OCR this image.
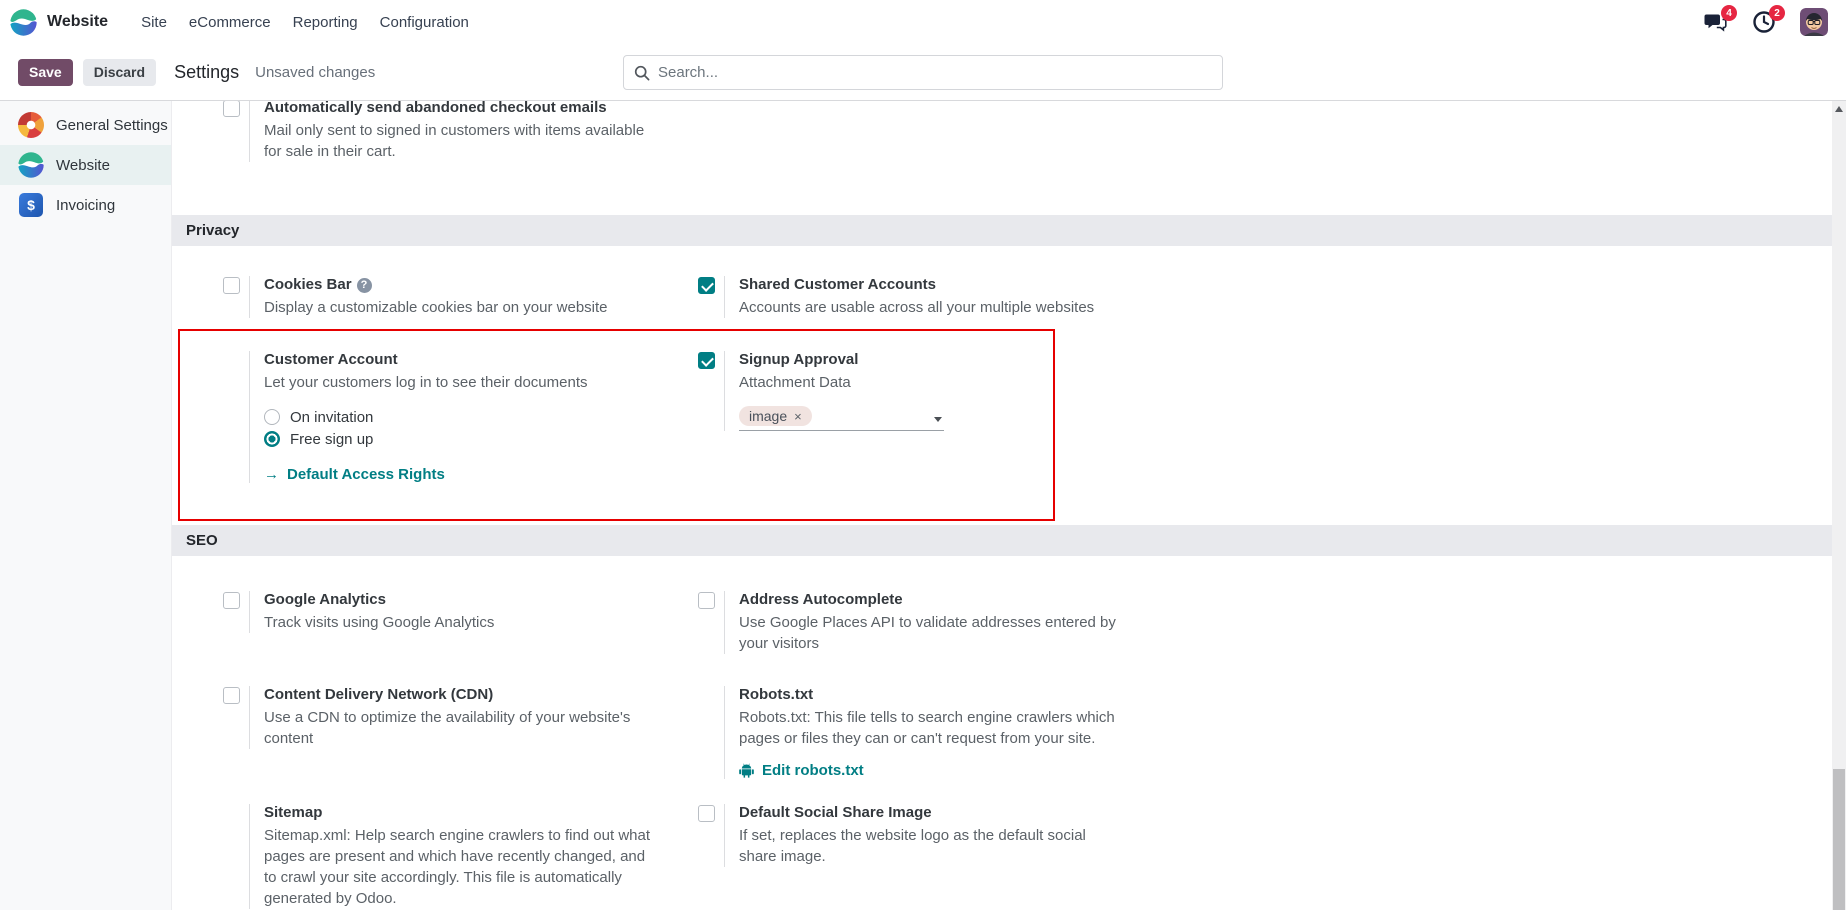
Website	Site	eCommerce	Reporting	Configuration
4	2
Save	Discard	Settings Unsaved changes
Search...
General Settings
Website
$	Invoicing
Automatically send abandoned checkout emails
Mail only sent to signed in customers with items available for sale in their cart.
Privacy
Cookies Bar ?
Display a customizable cookies bar on your website
Shared Customer Accounts
Accounts are usable across all your multiple websites
Customer Account
Let your customers log in to see their documents
On invitation
Free sign up
→ Default Access Rights
Signup Approval
Attachment Data
image ×
SEO
Google Analytics
Track visits using Google Analytics
Address Autocomplete
Use Google Places API to validate addresses entered by your visitors
Content Delivery Network (CDN)
Use a CDN to optimize the availability of your website's content
Robots.txt
Robots.txt: This file tells to search engine crawlers which pages or files they can or can't request from your site.
Edit robots.txt
Sitemap
Sitemap.xml: Help search engine crawlers to find out what pages are present and which have recently changed, and to crawl your site accordingly. This file is automatically generated by Odoo.
Default Social Share Image
If set, replaces the website logo as the default social share image.
